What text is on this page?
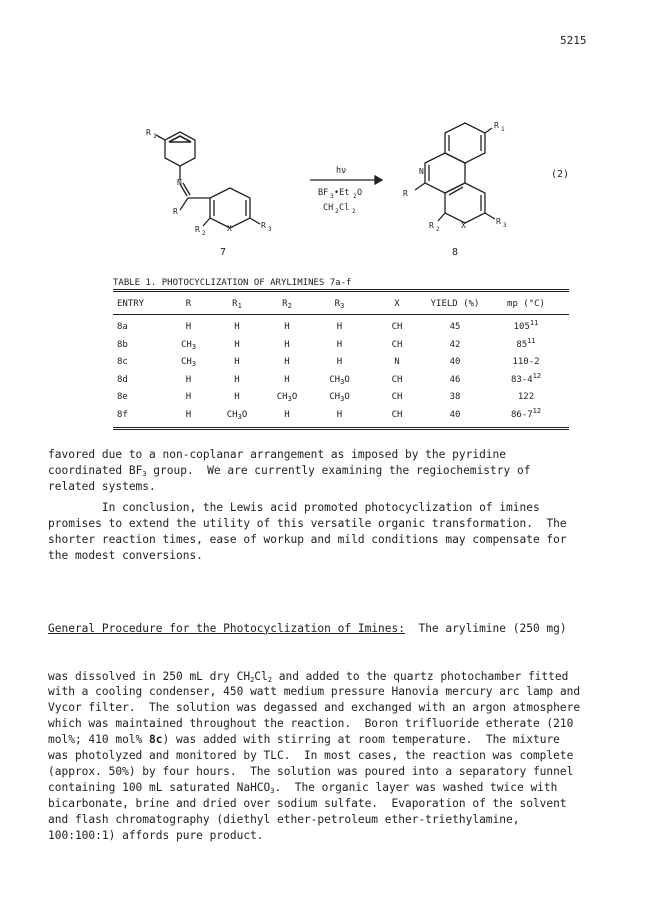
5215
R 1
N
R
R 2
X	R 3
hν
BF 3 •Et 2 O
CH 2 Cl 2
R 1
N
R
R 2	X	R 3
7	8
(2)
TABLE 1. PHOTOCYCLIZATION OF ARYLIMINES 7a-f
ENTRY	R	$R_1$	$R_2$	$R_3$	X	YIELD (%)	mp (°C)
8a	H	H	H	H	CH	45	$105^{11}$
8b	$CH_3$	H	H	H	CH	42	$85^{11}$
8c	$CH_3$	H	H	H	N	40	110-2
8d	H	H	H	$CH_3O$	CH	46	$83-4^{12}$
8e	H	H	$CH_3O$	$CH_3O$	CH	38	122
8f	H	$CH_3O$	H	H	CH	40	$86-7^{12}$
favored due to a non-coplanar arrangement as imposed by the pyridine
coordinated $BF_3$ group.  We are currently examining the regiochemistry of
related systems.
In conclusion, the Lewis acid promoted photocyclization of imines
promises to extend the utility of this versatile organic transformation.  The
shorter reaction times, ease of workup and mild conditions may compensate for
the modest conversions.

General Procedure for the Photocyclization of Imines:  The arylimine (250 mg)

was dissolved in 250 mL dry $CH_2Cl_2$ and added to the quartz photochamber fitted
with a cooling condenser, 450 watt medium pressure Hanovia mercury arc lamp and
Vycor filter.  The solution was degassed and exchanged with an argon atmosphere
which was maintained throughout the reaction.  Boron trifluoride etherate (210
mol%; 410 mol% 8c) was added with stirring at room temperature.  The mixture
was photolyzed and monitored by TLC.  In most cases, the reaction was complete
(approx. 50%) by four hours.  The solution was poured into a separatory funnel
containing 100 mL saturated NaHCO$_3$.  The organic layer was washed twice with
bicarbonate, brine and dried over sodium sulfate.  Evaporation of the solvent
and flash chromatography (diethyl ether-petroleum ether-triethylamine,
100:100:1) affords pure product.
